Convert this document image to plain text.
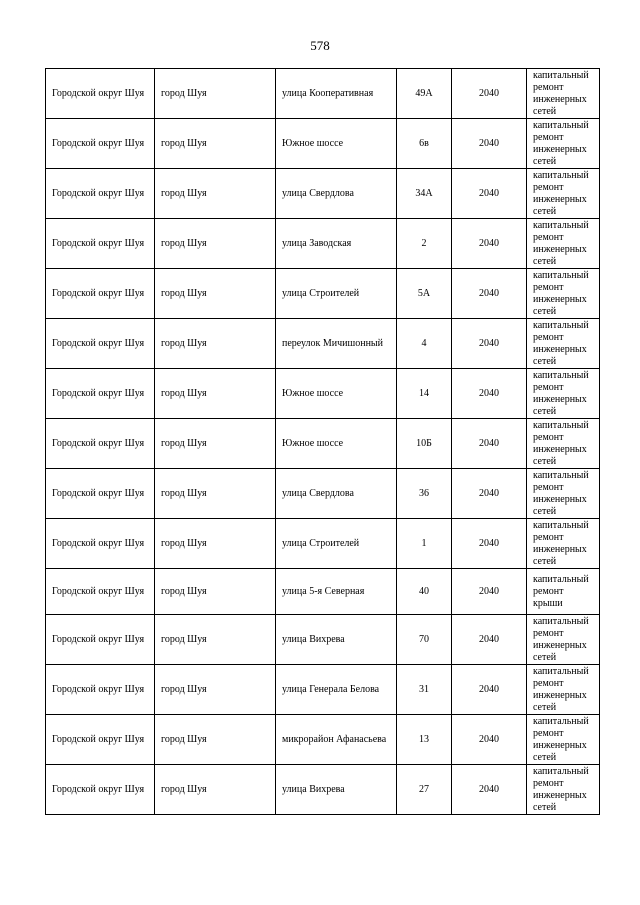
578
Городской округ Шуя	город Шуя	улица Кооперативная	49А	2040	капитальный ремонт инженерных сетей
Городской округ Шуя	город Шуя	Южное шоссе	6в	2040	капитальный ремонт инженерных сетей
Городской округ Шуя	город Шуя	улица Свердлова	34А	2040	капитальный ремонт инженерных сетей
Городской округ Шуя	город Шуя	улица Заводская	2	2040	капитальный ремонт инженерных сетей
Городской округ Шуя	город Шуя	улица Строителей	5А	2040	капитальный ремонт инженерных сетей
Городской округ Шуя	город Шуя	переулок Мичишонный	4	2040	капитальный ремонт инженерных сетей
Городской округ Шуя	город Шуя	Южное шоссе	14	2040	капитальный ремонт инженерных сетей
Городской округ Шуя	город Шуя	Южное шоссе	10Б	2040	капитальный ремонт инженерных сетей
Городской округ Шуя	город Шуя	улица Свердлова	36	2040	капитальный ремонт инженерных сетей
Городской округ Шуя	город Шуя	улица Строителей	1	2040	капитальный ремонт инженерных сетей
Городской округ Шуя	город Шуя	улица 5-я Северная	40	2040	капитальный ремонт крыши
Городской округ Шуя	город Шуя	улица Вихрева	70	2040	капитальный ремонт инженерных сетей
Городской округ Шуя	город Шуя	улица Генерала Белова	31	2040	капитальный ремонт инженерных сетей
Городской округ Шуя	город Шуя	микрорайон Афанасьева	13	2040	капитальный ремонт инженерных сетей
Городской округ Шуя	город Шуя	улица Вихрева	27	2040	капитальный ремонт инженерных сетей
